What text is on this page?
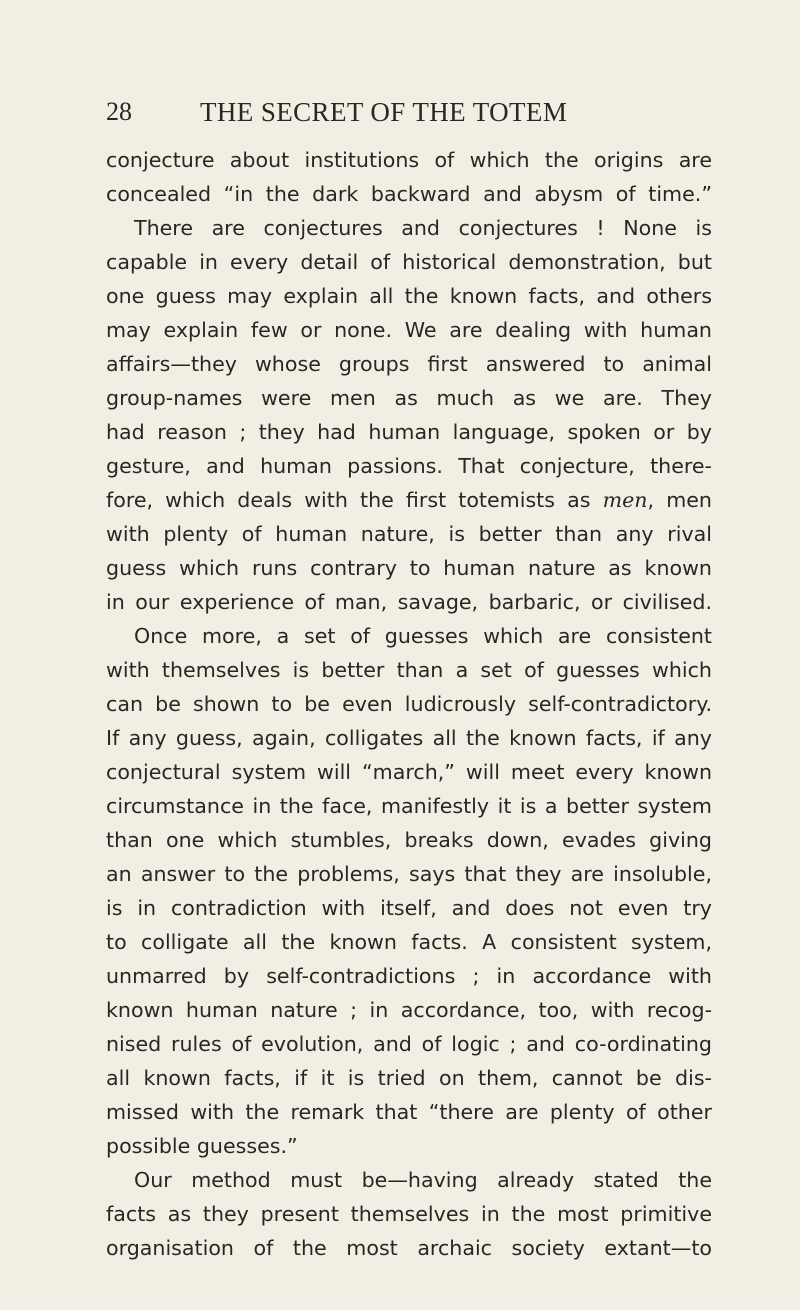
28	THE SECRET OF THE TOTEM
conjecture about institutions of which the origins are
concealed “in the dark backward and abysm of time.”
There are conjectures and conjectures ! None is
capable in every detail of historical demonstration, but
one guess may explain all the known facts, and others
may explain few or none. We are dealing with human
affairs—they whose groups first answered to animal
group-names were men as much as we are. They
had reason ; they had human language, spoken or by
gesture, and human passions. That conjecture, there-
fore, which deals with the first totemists as men, men
with plenty of human nature, is better than any rival
guess which runs contrary to human nature as known
in our experience of man, savage, barbaric, or civilised.
Once more, a set of guesses which are consistent
with themselves is better than a set of guesses which
can be shown to be even ludicrously self-contradictory.
If any guess, again, colligates all the known facts, if any
conjectural system will “march,” will meet every known
circumstance in the face, manifestly it is a better system
than one which stumbles, breaks down, evades giving
an answer to the problems, says that they are insoluble,
is in contradiction with itself, and does not even try
to colligate all the known facts. A consistent system,
unmarred by self-contradictions ; in accordance with
known human nature ; in accordance, too, with recog-
nised rules of evolution, and of logic ; and co-ordinating
all known facts, if it is tried on them, cannot be dis-
missed with the remark that “there are plenty of other
possible guesses.”
Our method must be—having already stated the
facts as they present themselves in the most primitive
organisation of the most archaic society extant—to
